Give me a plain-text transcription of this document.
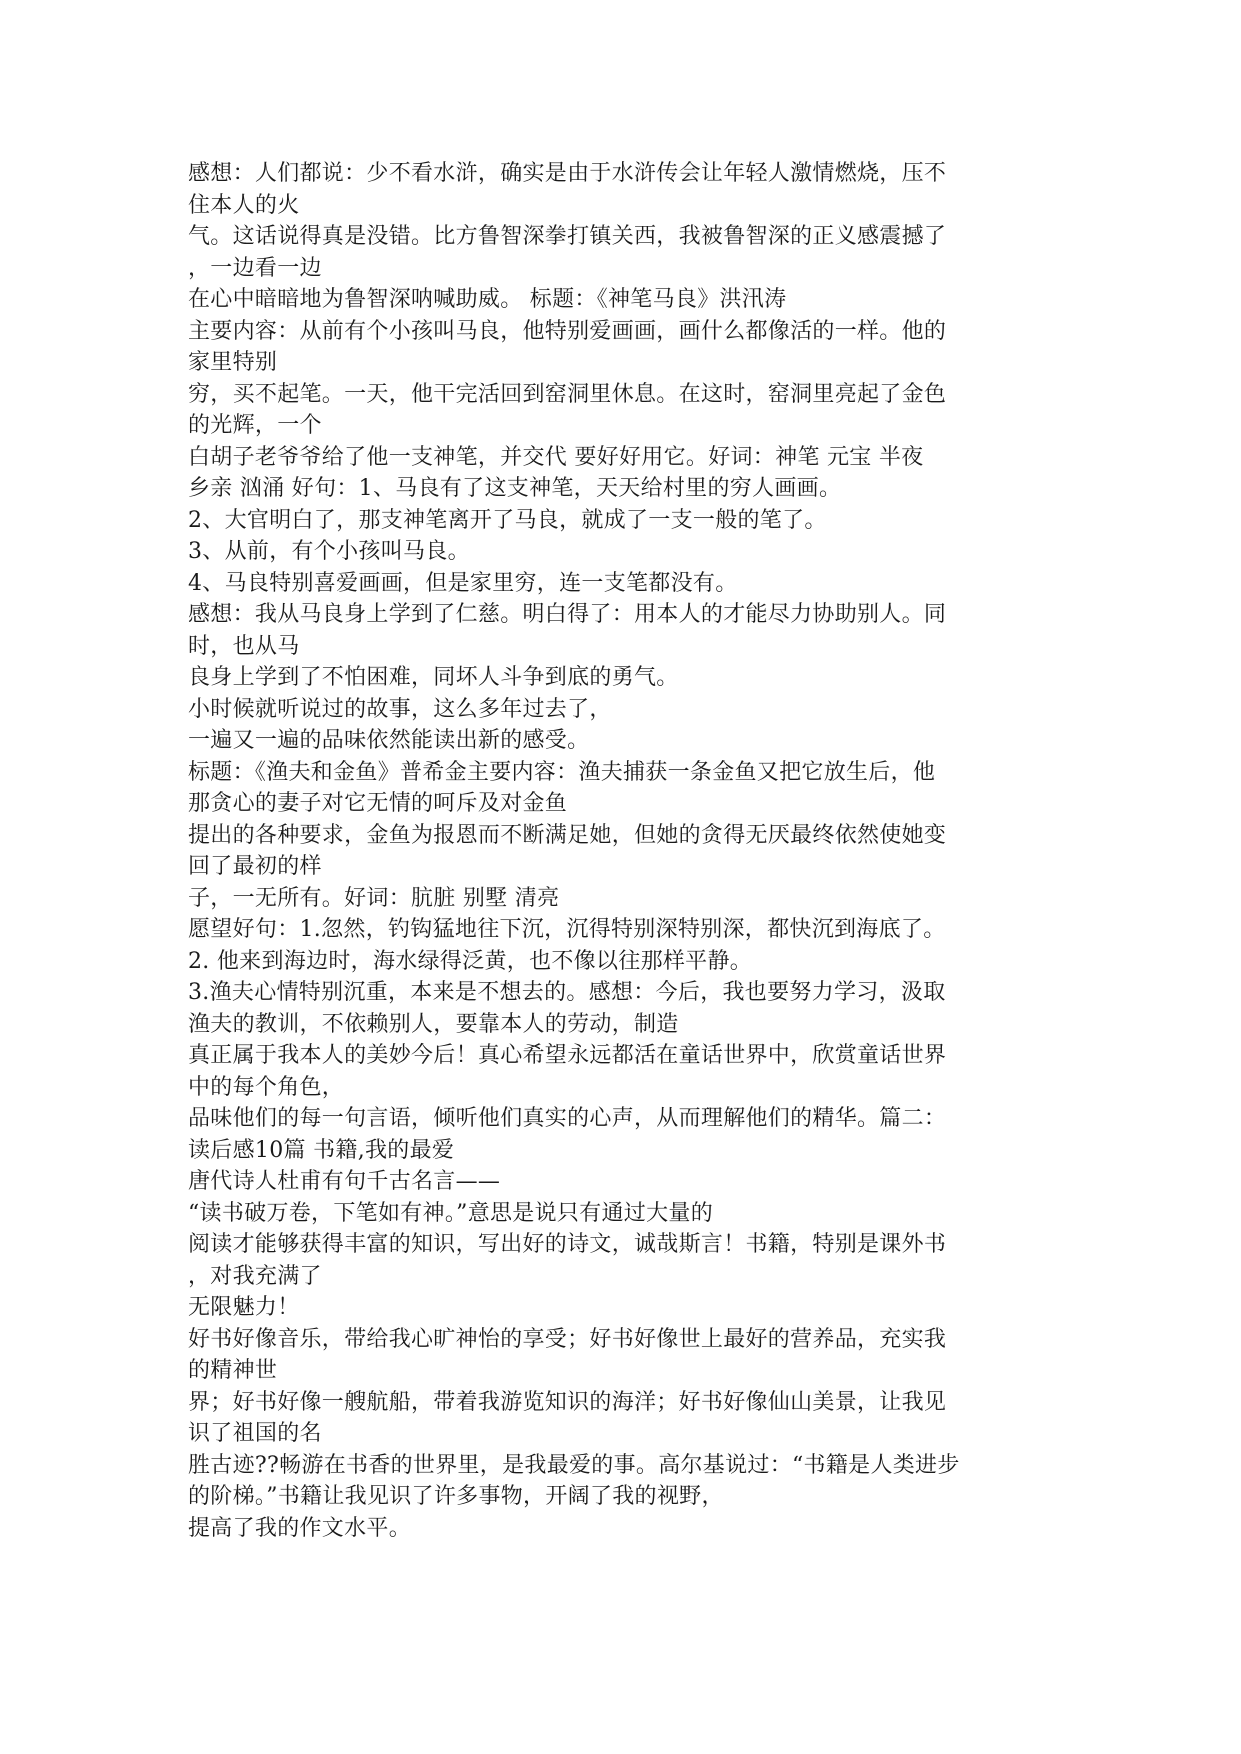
感想：人们都说：少不看水浒，确实是由于水浒传会让年轻人激情燃烧，压不
住本人的火
气。这话说得真是没错。比方鲁智深拳打镇关西，我被鲁智深的正义感震撼了
，一边看一边
在心中暗暗地为鲁智深呐喊助威。 标题：《神笔马良》洪汛涛
主要内容：从前有个小孩叫马良，他特别爱画画，画什么都像活的一样。他的
家里特别
穷，买不起笔。一天，他干完活回到窑洞里休息。在这时，窑洞里亮起了金色
的光辉，一个
白胡子老爷爷给了他一支神笔，并交代 要好好用它。好词：神笔 元宝 半夜
乡亲 汹涌 好句：1、马良有了这支神笔，天天给村里的穷人画画。
2、大官明白了，那支神笔离开了马良，就成了一支一般的笔了。
3、从前，有个小孩叫马良。
4、马良特别喜爱画画，但是家里穷，连一支笔都没有。
感想：我从马良身上学到了仁慈。明白得了：用本人的才能尽力协助别人。同
时，也从马
良身上学到了不怕困难，同坏人斗争到底的勇气。
小时候就听说过的故事，这么多年过去了，
一遍又一遍的品味依然能读出新的感受。
标题：《渔夫和金鱼》普希金主要内容：渔夫捕获一条金鱼又把它放生后，他
那贪心的妻子对它无情的呵斥及对金鱼
提出的各种要求，金鱼为报恩而不断满足她，但她的贪得无厌最终依然使她变
回了最初的样
子，一无所有。好词：肮脏 别墅 清亮
愿望好句：1.忽然，钓钩猛地往下沉，沉得特别深特别深，都快沉到海底了。
2. 他来到海边时，海水绿得泛黄，也不像以往那样平静。
3.渔夫心情特别沉重，本来是不想去的。感想：今后，我也要努力学习，汲取
渔夫的教训，不依赖别人，要靠本人的劳动，制造
真正属于我本人的美妙今后！真心希望永远都活在童话世界中，欣赏童话世界
中的每个角色，
品味他们的每一句言语，倾听他们真实的心声，从而理解他们的精华。篇二：
读后感10篇 书籍,我的最爱
唐代诗人杜甫有句千古名言——
“读书破万卷，下笔如有神。”意思是说只有通过大量的
阅读才能够获得丰富的知识，写出好的诗文，诚哉斯言！书籍，特别是课外书
，对我充满了
无限魅力！
好书好像音乐，带给我心旷神怡的享受；好书好像世上最好的营养品，充实我
的精神世
界；好书好像一艘航船，带着我游览知识的海洋；好书好像仙山美景，让我见
识了祖国的名
胜古迹??畅游在书香的世界里，是我最爱的事。高尔基说过：“书籍是人类进步
的阶梯。”书籍让我见识了许多事物，开阔了我的视野，
提高了我的作文水平。
